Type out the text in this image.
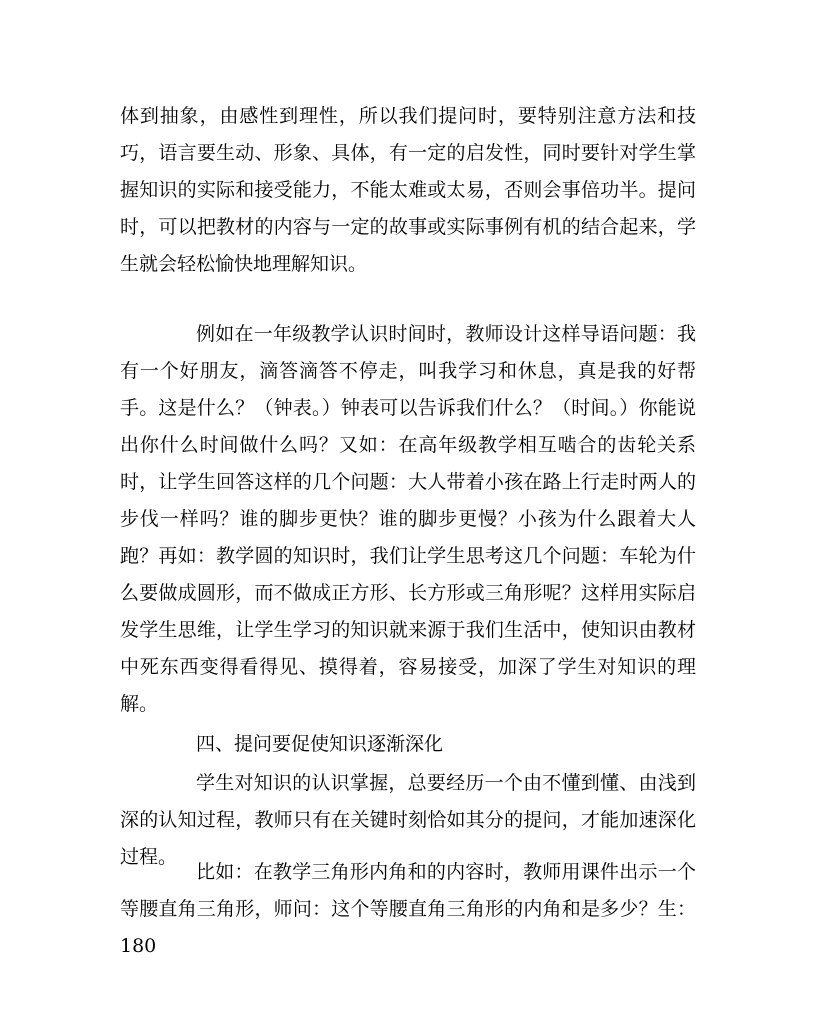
体到抽象，由感性到理性，所以我们提问时，要特别注意方法和技巧，语言要生动、形象、具体，有一定的启发性，同时要针对学生掌握知识的实际和接受能力，不能太难或太易，否则会事倍功半。提问时，可以把教材的内容与一定的故事或实际事例有机的结合起来，学生就会轻松愉快地理解知识。

例如在一年级教学认识时间时，教师设计这样导语问题：我有一个好朋友，滴答滴答不停走，叫我学习和休息，真是我的好帮手。这是什么？（钟表。）钟表可以告诉我们什么？（时间。）你能说出你什么时间做什么吗？又如：在高年级教学相互啮合的齿轮关系时，让学生回答这样的几个问题：大人带着小孩在路上行走时两人的步伐一样吗？谁的脚步更快？谁的脚步更慢？小孩为什么跟着大人跑？再如：教学圆的知识时，我们让学生思考这几个问题：车轮为什么要做成圆形，而不做成正方形、长方形或三角形呢？这样用实际启发学生思维，让学生学习的知识就来源于我们生活中，使知识由教材中死东西变得看得见、摸得着，容易接受，加深了学生对知识的理解。

四、提问要促使知识逐渐深化

学生对知识的认识掌握，总要经历一个由不懂到懂、由浅到深的认知过程，教师只有在关键时刻恰如其分的提问，才能加速深化过程。

比如：在教学三角形内角和的内容时，教师用课件出示一个等腰直角三角形，师问：这个等腰直角三角形的内角和是多少？生：180
